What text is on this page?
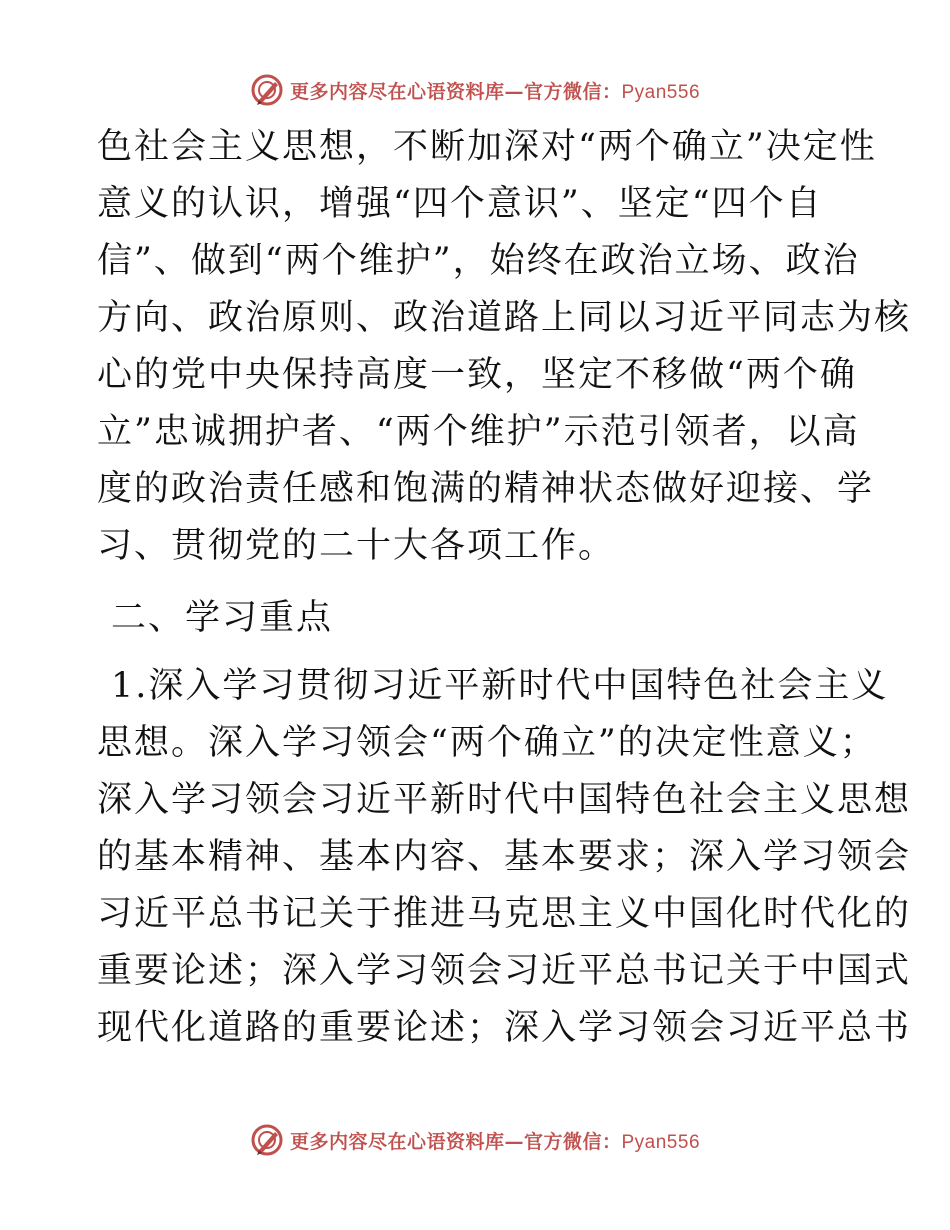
更多内容尽在心语资料库—官方微信：Pyan556
色社会主义思想，不断加深对“两个确立”决定性
意义的认识，增强“四个意识”、坚定“四个自
信”、做到“两个维护”，始终在政治立场、政治
方向、政治原则、政治道路上同以习近平同志为核
心的党中央保持高度一致，坚定不移做“两个确
立”忠诚拥护者、“两个维护”示范引领者，以高
度的政治责任感和饱满的精神状态做好迎接、学
习、贯彻党的二十大各项工作。
二、学习重点
1.深入学习贯彻习近平新时代中国特色社会主义
思想。深入学习领会“两个确立”的决定性意义；
深入学习领会习近平新时代中国特色社会主义思想
的基本精神、基本内容、基本要求；深入学习领会
习近平总书记关于推进马克思主义中国化时代化的
重要论述；深入学习领会习近平总书记关于中国式
现代化道路的重要论述；深入学习领会习近平总书
更多内容尽在心语资料库—官方微信：Pyan556
